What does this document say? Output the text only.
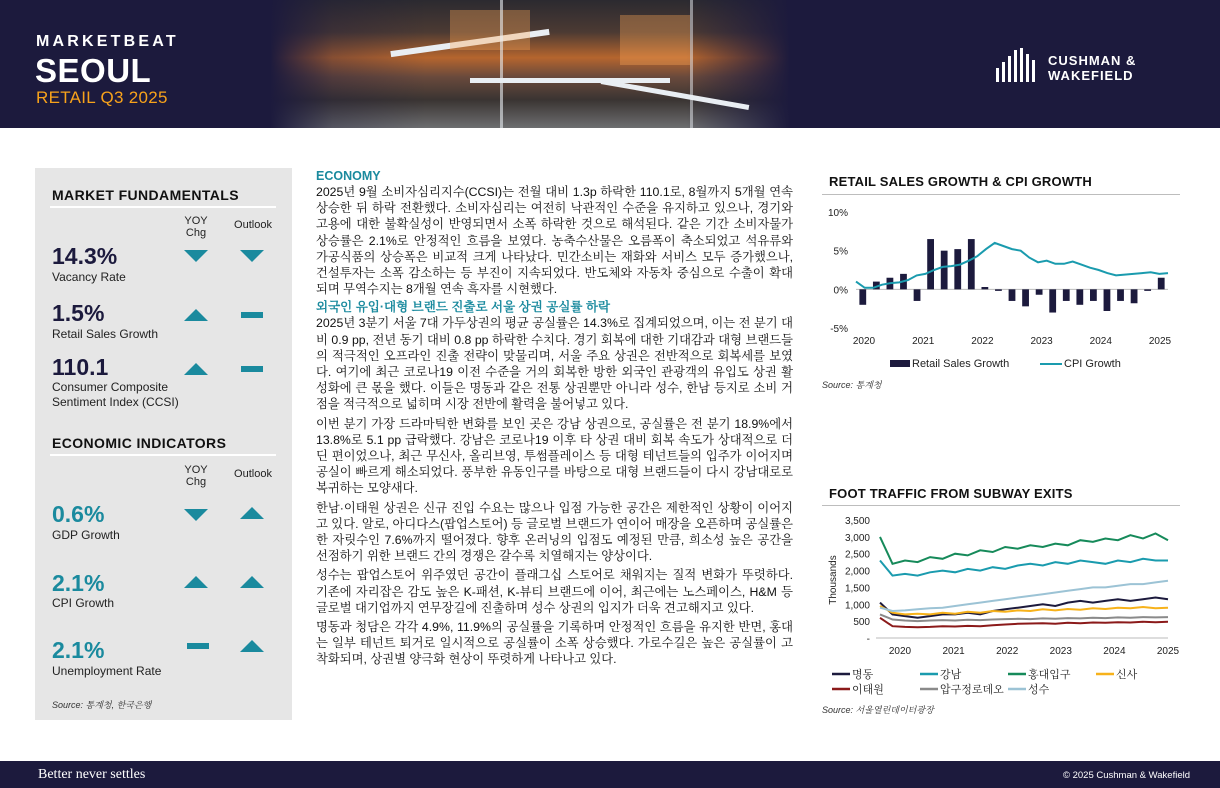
MARKETBEAT
SEOUL
RETAIL Q3 2025
CUSHMAN &
WAKEFIELD
MARKET FUNDAMENTALS
YOY Chg
Outlook
14.3%
Vacancy Rate
1.5%
Retail Sales Growth
110.1
Consumer Composite Sentiment Index (CCSI)
ECONOMIC INDICATORS
YOY Chg
Outlook
0.6%
GDP Growth
2.1%
CPI Growth
2.1%
Unemployment Rate
Source: 통계청, 한국은행
ECONOMY

2025년 9월 소비자심리지수(CCSI)는 전월 대비 1.3p 하락한 110.1로, 8월까지 5개월 연속 상승한 뒤 하락 전환했다. 소비자심리는 여전히 낙관적인 수준을 유지하고 있으나, 경기와 고용에 대한 불확실성이 반영되면서 소폭 하락한 것으로 해석된다. 같은 기간 소비자물가 상승률은 2.1%로 안정적인 흐름을 보였다. 농축수산물은 오름폭이 축소되었고 석유류와 가공식품의 상승폭은 비교적 크게 나타났다. 민간소비는 재화와 서비스 모두 증가했으나, 건설투자는 소폭 감소하는 등 부진이 지속되었다. 반도체와 자동차 중심으로 수출이 확대되며 무역수지는 8개월 연속 흑자를 시현했다.

외국인 유입·대형 브랜드 진출로 서울 상권 공실률 하락

2025년 3분기 서울 7대 가두상권의 평균 공실률은 14.3%로 집계되었으며, 이는 전 분기 대비 0.9 pp, 전년 동기 대비 0.8 pp 하락한 수치다. 경기 회복에 대한 기대감과 대형 브랜드들의 적극적인 오프라인 진출 전략이 맞물리며, 서울 주요 상권은 전반적으로 회복세를 보였다. 여기에 최근 코로나19 이전 수준을 거의 회복한 방한 외국인 관광객의 유입도 상권 활성화에 큰 몫을 했다. 이들은 명동과 같은 전통 상권뿐만 아니라 성수, 한남 등지로 소비 거점을 적극적으로 넓히며 시장 전반에 활력을 불어넣고 있다.

이번 분기 가장 드라마틱한 변화를 보인 곳은 강남 상권으로, 공실률은 전 분기 18.9%에서 13.8%로 5.1 pp 급락했다. 강남은 코로나19 이후 타 상권 대비 회복 속도가 상대적으로 더딘 편이었으나, 최근 무신사, 올리브영, 투썸플레이스 등 대형 테넌트들의 입주가 이어지며 공실이 빠르게 해소되었다. 풍부한 유동인구를 바탕으로 대형 브랜드들이 다시 강남대로로 복귀하는 모양새다.

한남·이태원 상권은 신규 진입 수요는 많으나 입점 가능한 공간은 제한적인 상황이 이어지고 있다. 알로, 아디다스(팝업스토어) 등 글로벌 브랜드가 연이어 매장을 오픈하며 공실률은 한 자릿수인 7.6%까지 떨어졌다. 향후 온러닝의 입점도 예정된 만큼, 희소성 높은 공간을 선점하기 위한 브랜드 간의 경쟁은 갈수록 치열해지는 양상이다.

성수는 팝업스토어 위주였던 공간이 플래그십 스토어로 채워지는 질적 변화가 뚜렷하다. 기존에 자리잡은 감도 높은 K-패션, K-뷰티 브랜드에 이어, 최근에는 노스페이스, H&M 등 글로벌 대기업까지 연무장길에 진출하며 성수 상권의 입지가 더욱 견고해지고 있다.

명동과 청담은 각각 4.9%, 11.9%의 공실률을 기록하며 안정적인 흐름을 유지한 반면, 홍대는 일부 테넌트 퇴거로 일시적으로 공실률이 소폭 상승했다. 가로수길은 높은 공실률이 고착화되며, 상권별 양극화 현상이 뚜렷하게 나타나고 있다.

RETAIL SALES GROWTH & CPI GROWTH
10%
5%
0%
-5%
2020	2021	2022	2023	2024	2025
Retail Sales Growth	CPI Growth
Source: 통계청
FOOT TRAFFIC FROM SUBWAY EXITS
3,500
3,000
2,500
2,000
1,500
1,000
500
-
Thousands
2020	2021	2022	2023	2024	2025
명동	강남	홍대입구	신사
이태원	압구정로데오 성수
Source: 서울열린데이터광장
Better never settles	© 2025 Cushman & Wakefield
